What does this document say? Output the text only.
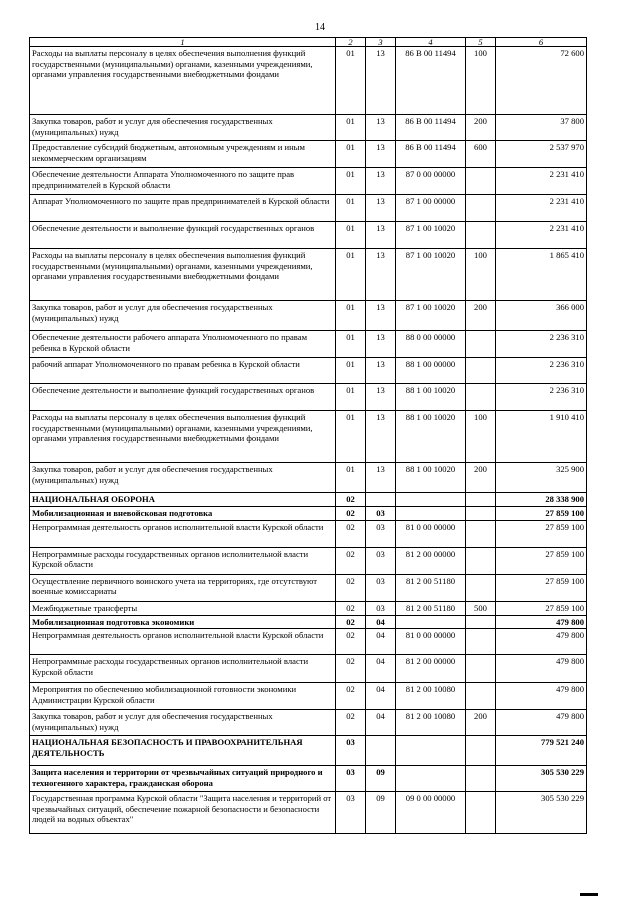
14
1	2	3	4	5	6
Расходы на выплаты персоналу в целях обеспечения выполнения функций государственными (муниципальными) органами, казенными учреждениями, органами управления государственными внебюджетными фондами	01	13	86 В 00 11494	100	72 600
Закупка товаров, работ и услуг для обеспечения государственных (муниципальных) нужд	01	13	86 В 00 11494	200	37 800
Предоставление субсидий бюджетным, автономным учреждениям и иным некоммерческим организациям	01	13	86 В 00 11494	600	2 537 970
Обеспечение деятельности Аппарата Уполномоченного по защите прав предпринимателей в Курской области	01	13	87 0 00 00000		2 231 410
Аппарат Уполномоченного по защите прав предпринимателей в Курской области	01	13	87 1 00 00000		2 231 410
Обеспечение деятельности и выполнение функций государственных органов	01	13	87 1 00 10020		2 231 410
Расходы на выплаты персоналу в целях обеспечения выполнения функций государственными (муниципальными) органами, казенными учреждениями, органами управления государственными внебюджетными фондами	01	13	87 1 00 10020	100	1 865 410
Закупка товаров, работ и услуг для обеспечения государственных (муниципальных) нужд	01	13	87 1 00 10020	200	366 000
Обеспечение деятельности рабочего аппарата Уполномоченного по правам ребенка в Курской области	01	13	88 0 00 00000		2 236 310
рабочий аппарат Уполномоченного по правам ребенка в Курской области	01	13	88 1 00 00000		2 236 310
Обеспечение деятельности и выполнение функций государственных органов	01	13	88 1 00 10020		2 236 310
Расходы на выплаты персоналу в целях обеспечения выполнения функций государственными (муниципальными) органами, казенными учреждениями, органами управления государственными внебюджетными фондами	01	13	88 1 00 10020	100	1 910 410
Закупка товаров, работ и услуг для обеспечения государственных (муниципальных) нужд	01	13	88 1 00 10020	200	325 900
НАЦИОНАЛЬНАЯ ОБОРОНА	02				28 338 900
Мобилизационная и вневойсковая подготовка	02	03			27 859 100
Непрограммная деятельность органов исполнительной власти Курской области	02	03	81 0 00 00000		27 859 100
Непрограммные расходы государственных органов исполнительной власти Курской области	02	03	81 2 00 00000		27 859 100
Осуществление первичного воинского учета на территориях, где отсутствуют военные комиссариаты	02	03	81 2 00 51180		27 859 100
Межбюджетные трансферты	02	03	81 2 00 51180	500	27 859 100
Мобилизационная подготовка экономики	02	04			479 800
Непрограммная деятельность органов исполнительной власти Курской области	02	04	81 0 00 00000		479 800
Непрограммные расходы государственных органов исполнительной власти Курской области	02	04	81 2 00 00000		479 800
Мероприятия по обеспечению мобилизационной готовности экономики Администрации Курской области	02	04	81 2 00 10080		479 800
Закупка товаров, работ и услуг для обеспечения государственных (муниципальных) нужд	02	04	81 2 00 10080	200	479 800
НАЦИОНАЛЬНАЯ БЕЗОПАСНОСТЬ И ПРАВООХРАНИТЕЛЬНАЯ ДЕЯТЕЛЬНОСТЬ	03				779 521 240
Защита населения и территории от чрезвычайных ситуаций природного и техногенного характера, гражданская оборона	03	09			305 530 229
Государственная программа Курской области "Защита населения и территорий от чрезвычайных ситуаций, обеспечение пожарной безопасности и безопасности людей на водных объектах"	03	09	09 0 00 00000		305 530 229
